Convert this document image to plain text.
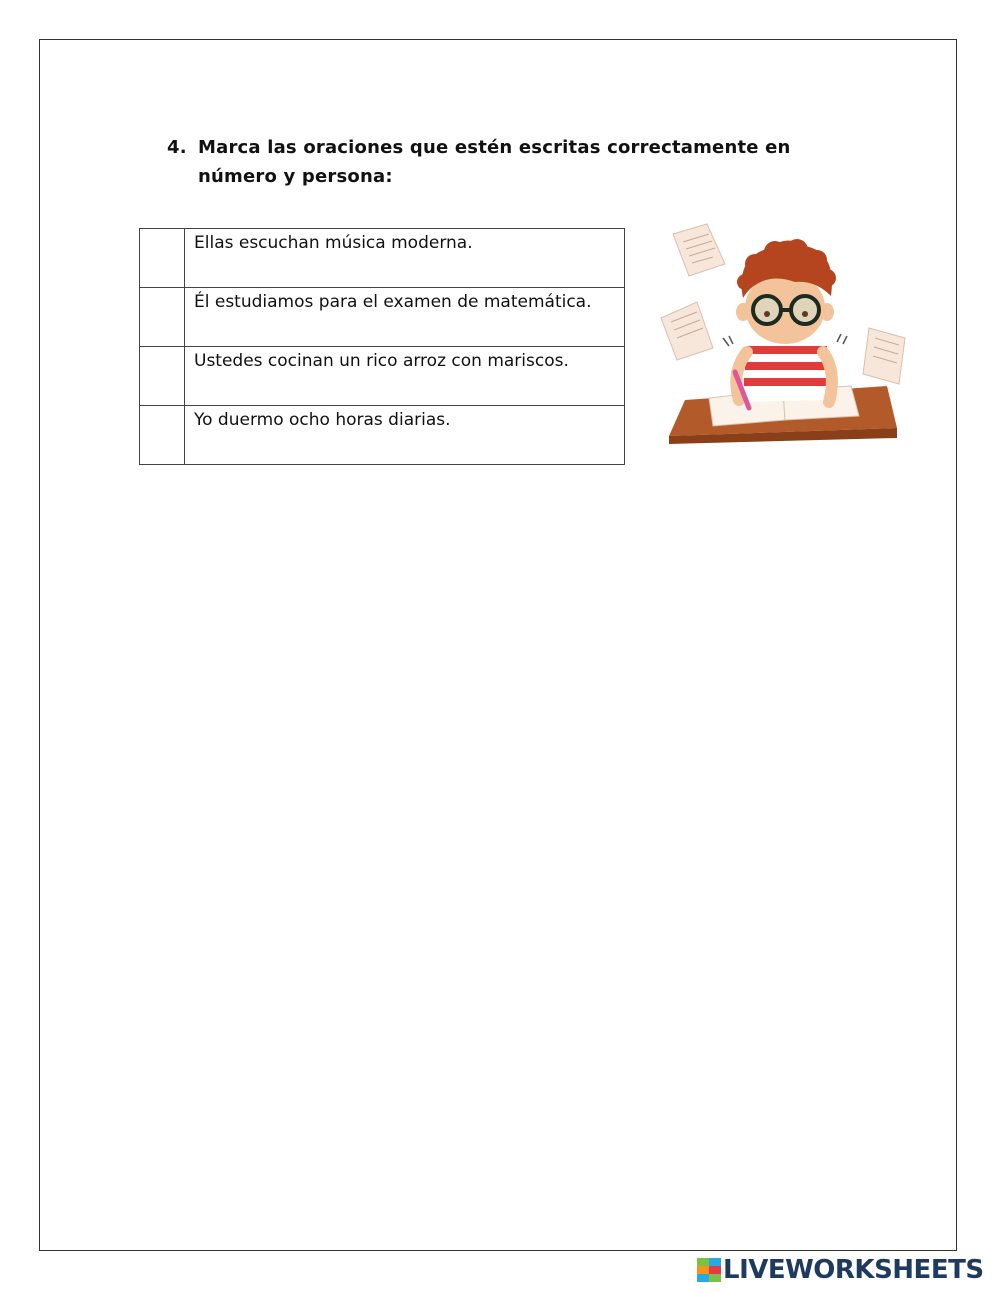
4. Marca las oraciones que estén escritas correctamente en número y persona:
	Ellas escuchan música moderna.
	Él estudiamos para el examen de matemática.
	Ustedes cocinan un rico arroz con mariscos.
	Yo duermo ocho horas diarias.
LIVEWORKSHEETS
